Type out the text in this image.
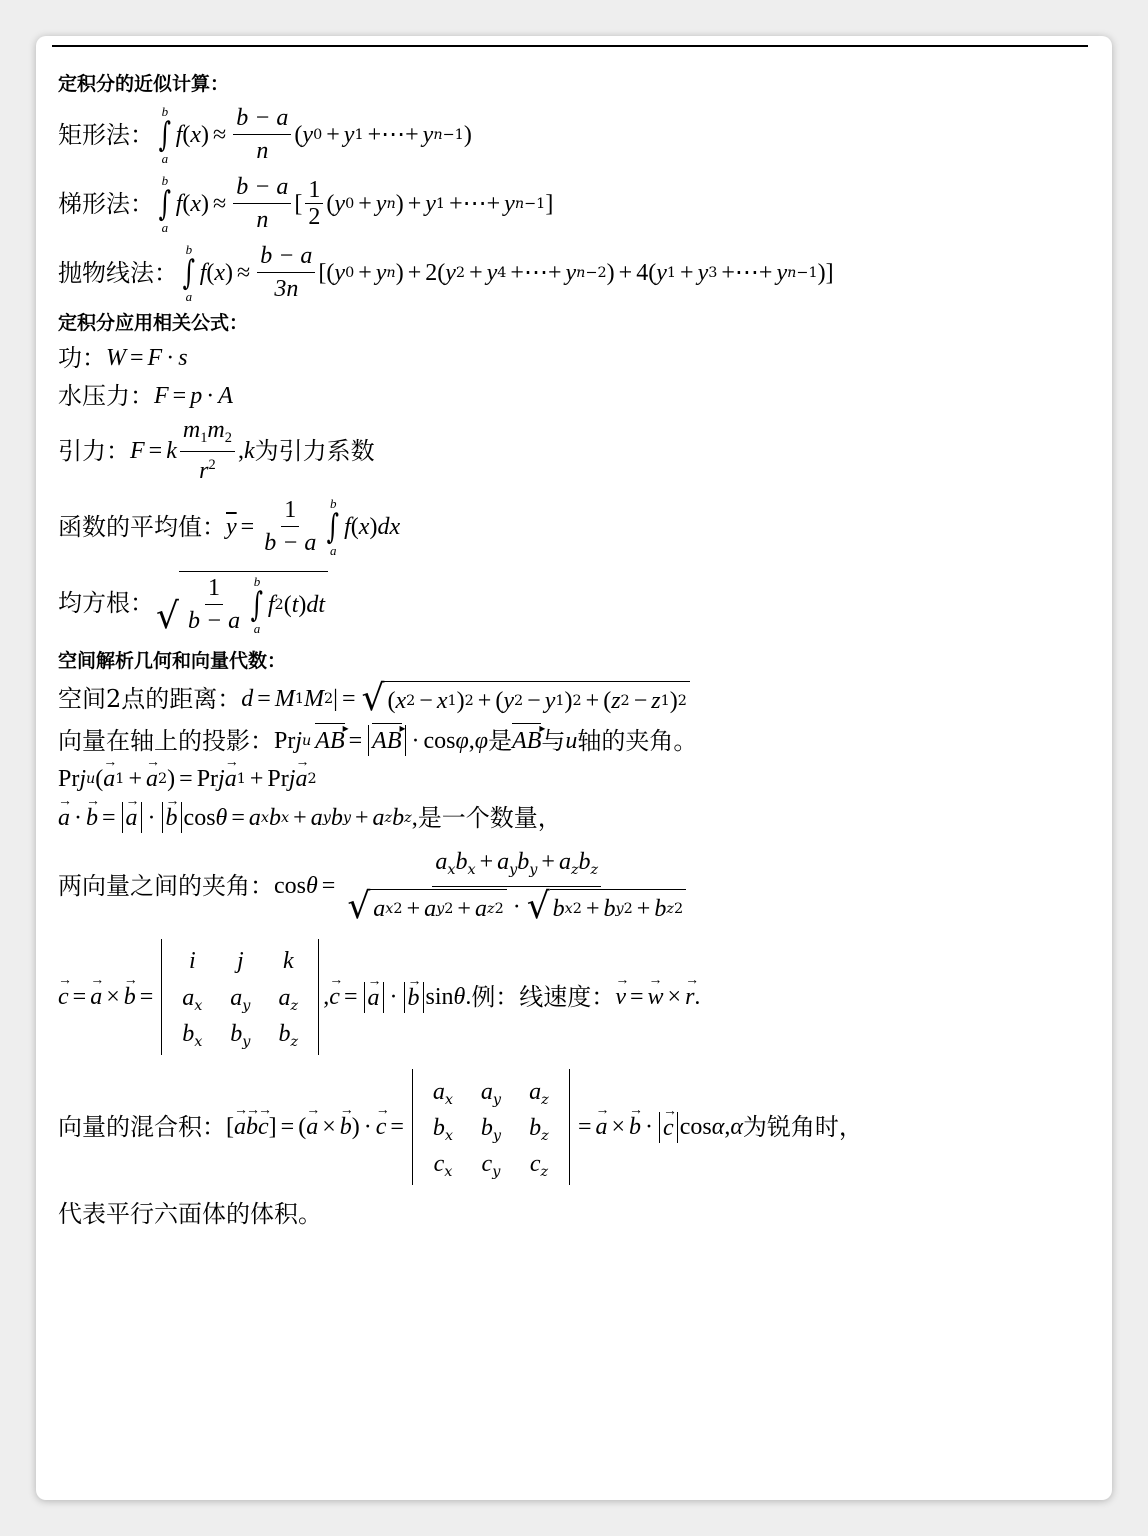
定积分的近似计算：
矩形法：
b
∫
a
f ( x ) ≈ $\frac{b - a}{n}$ ( y 0 + y 1 +⋯+ y n−1 )
梯形法：
b
∫
a
f ( x ) ≈ $\frac{b - a}{n}$ [ $\frac{1}{2}$ ( y 0 + y n ) + y 1 +⋯+ y n−1 ]
抛物线法：
b
∫
a
f ( x ) ≈ $\frac{b - a}{3n}$ [( y 0 + y n ) + 2( y 2 + y 4 +⋯+ y n−2 ) + 4( y 1 + y 3 +⋯+ y n−1 )]
定积分应用相关公式：
功： W = F · s
水压力： F = p · A
引力： F = k $\frac{m_1m_2}{r^2}$ , k 为引力系数
函数的平均值： $\overline{y} = \frac{1}{b - a}$ b
∫
a
f ( x ) dx
均方根： √ $\frac{1}{b - a}$ b
∫
a
f 2 ( t ) dt
空间解析几何和向量代数：
空间2点的距离： d = M 1 M 2 | = √ ( x 2 − x 1 ) 2 + ( y 2 − y 1 ) 2 + ( z 2 − z 1 ) 2
向量在轴上的投影： Pr j u AB ▸ = AB ▸ · cos φ , φ 是 AB ▸ 与 u 轴的夹角。
Pr j u ( → a 1 + → a 2 ) = Pr j → a 1 + Pr j → a 2
→ a · → b = → a · → b cos θ = a x b x + a y b y + a z b z , 是一个数量，
两向量之间的夹角： $\cos \theta = \frac{a_xb_x + a_yb_y + a_zb_z}{\text{√ a x 2 + a y 2 + a z 2 · √ b x 2 + b y 2 + b z 2}}$
→ c = → a × → b =
i	j	k
$a_x$	$a_y$	$a_z$
$b_x$	$b_y$	$b_z$
, → c = → a · → b sin θ . 例：线速度： → v = → w × → r .
向量的混合积： [ → a → b → c ] = ( → a × → b ) · → c =
$a_x$	$a_y$	$a_z$
$b_x$	$b_y$	$b_z$
$c_x$	$c_y$	$c_z$
= → a × → b · → c cos α , α 为锐角时，
代表平行六面体的体积。
